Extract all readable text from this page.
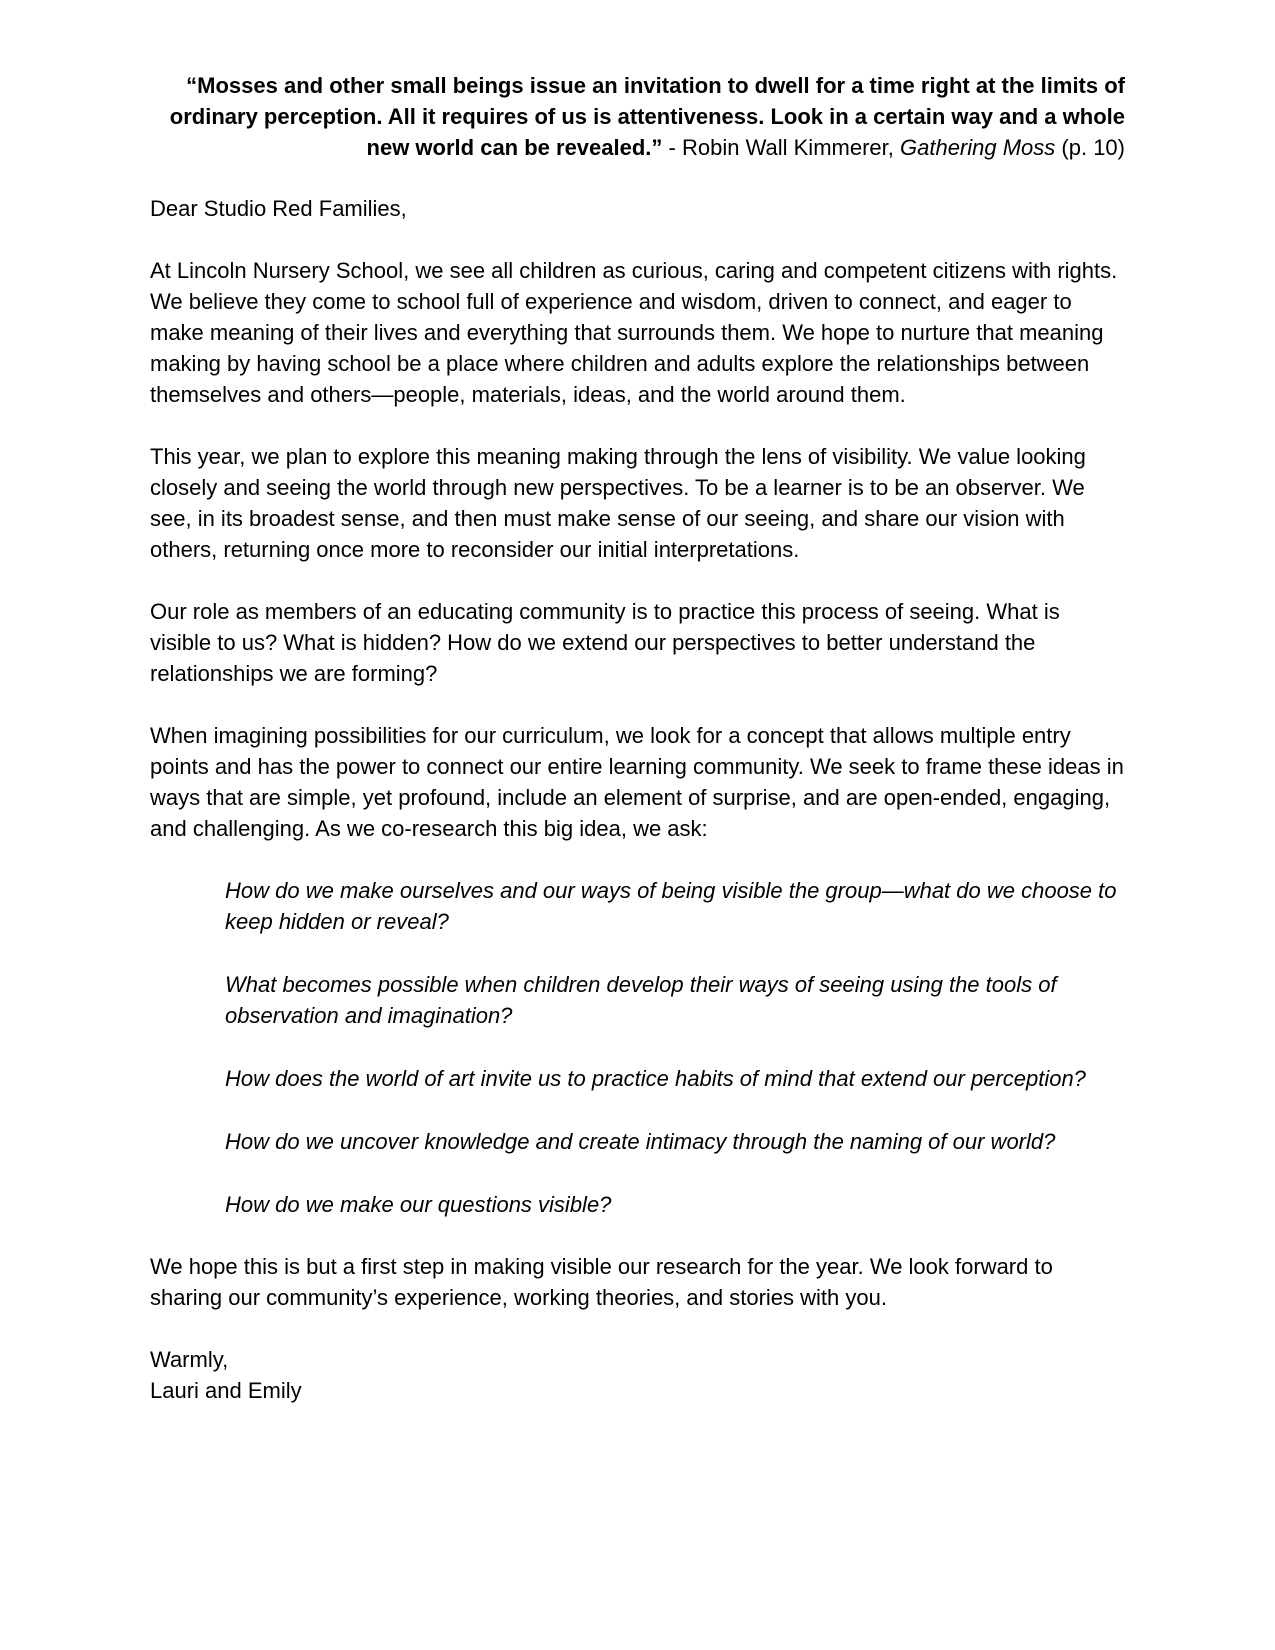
“Mosses and other small beings issue an invitation to dwell for a time right at the limits of ordinary perception. All it requires of us is attentiveness. Look in a certain way and a whole new world can be revealed.” - Robin Wall Kimmerer, Gathering Moss (p. 10)

Dear Studio Red Families,

At Lincoln Nursery School, we see all children as curious, caring and competent citizens with rights. We believe they come to school full of experience and wisdom, driven to connect, and eager to make meaning of their lives and everything that surrounds them. We hope to nurture that meaning making by having school be a place where children and adults explore the relationships between themselves and others—people, materials, ideas, and the world around them.

This year, we plan to explore this meaning making through the lens of visibility. We value looking closely and seeing the world through new perspectives. To be a learner is to be an observer. We see, in its broadest sense, and then must make sense of our seeing, and share our vision with others, returning once more to reconsider our initial interpretations.

Our role as members of an educating community is to practice this process of seeing. What is visible to us? What is hidden? How do we extend our perspectives to better understand the relationships we are forming?

When imagining possibilities for our curriculum, we look for a concept that allows multiple entry points and has the power to connect our entire learning community. We seek to frame these ideas in ways that are simple, yet profound, include an element of surprise, and are open-ended, engaging, and challenging. As we co-research this big idea, we ask:

How do we make ourselves and our ways of being visible the group—what do we choose to keep hidden or reveal?

What becomes possible when children develop their ways of seeing using the tools of observation and imagination?

How does the world of art invite us to practice habits of mind that extend our perception?

How do we uncover knowledge and create intimacy through the naming of our world?

How do we make our questions visible?

We hope this is but a first step in making visible our research for the year. We look forward to sharing our community’s experience, working theories, and stories with you.

Warmly,

Lauri and Emily
